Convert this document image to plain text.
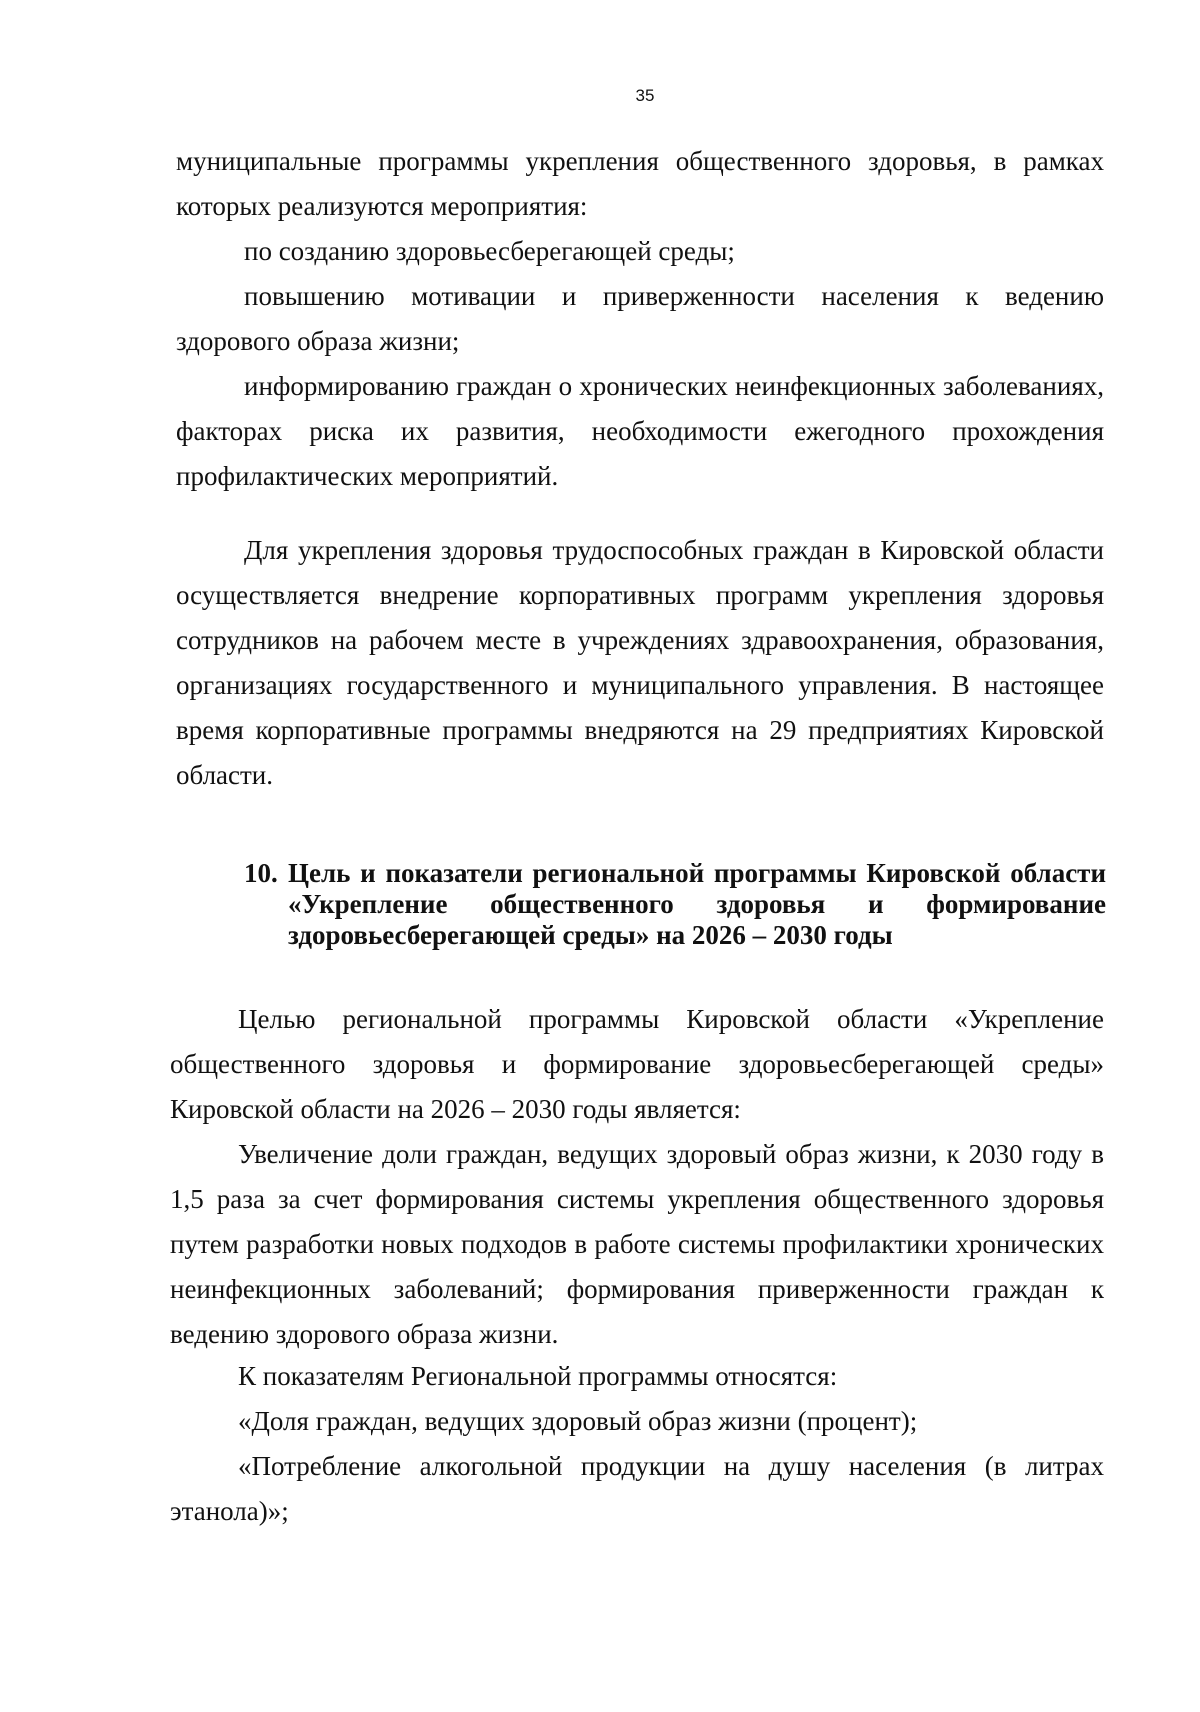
35

муниципальные программы укрепления общественного здоровья, в рамках которых реализуются мероприятия:

по созданию здоровьесберегающей среды;

повышению мотивации и приверженности населения к ведению здорового образа жизни;

информированию граждан о хронических неинфекционных заболеваниях, факторах риска их развития, необходимости ежегодного прохождения профилактических мероприятий.

Для укрепления здоровья трудоспособных граждан в Кировской области осуществляется внедрение корпоративных программ укрепления здоровья сотрудников на рабочем месте в учреждениях здравоохранения, образования, организациях государственного и муниципального управления. В настоящее время корпоративные программы внедряются на 29 предприятиях Кировской области.

10. Цель и показатели региональной программы Кировской области «Укрепление общественного здоровья и формирование здоровьесберегающей среды» на 2026 – 2030 годы

Целью региональной программы Кировской области «Укрепление общественного здоровья и формирование здоровьесберегающей среды» Кировской области на 2026 – 2030 годы является:

Увеличение доли граждан, ведущих здоровый образ жизни, к 2030 году в 1,5 раза за счет формирования системы укрепления общественного здоровья путем разработки новых подходов в работе системы профилактики хронических неинфекционных заболеваний; формирования приверженности граждан к ведению здорового образа жизни.

К показателям Региональной программы относятся:

«Доля граждан, ведущих здоровый образ жизни (процент);

«Потребление алкогольной продукции на душу населения (в литрах этанола)»;
